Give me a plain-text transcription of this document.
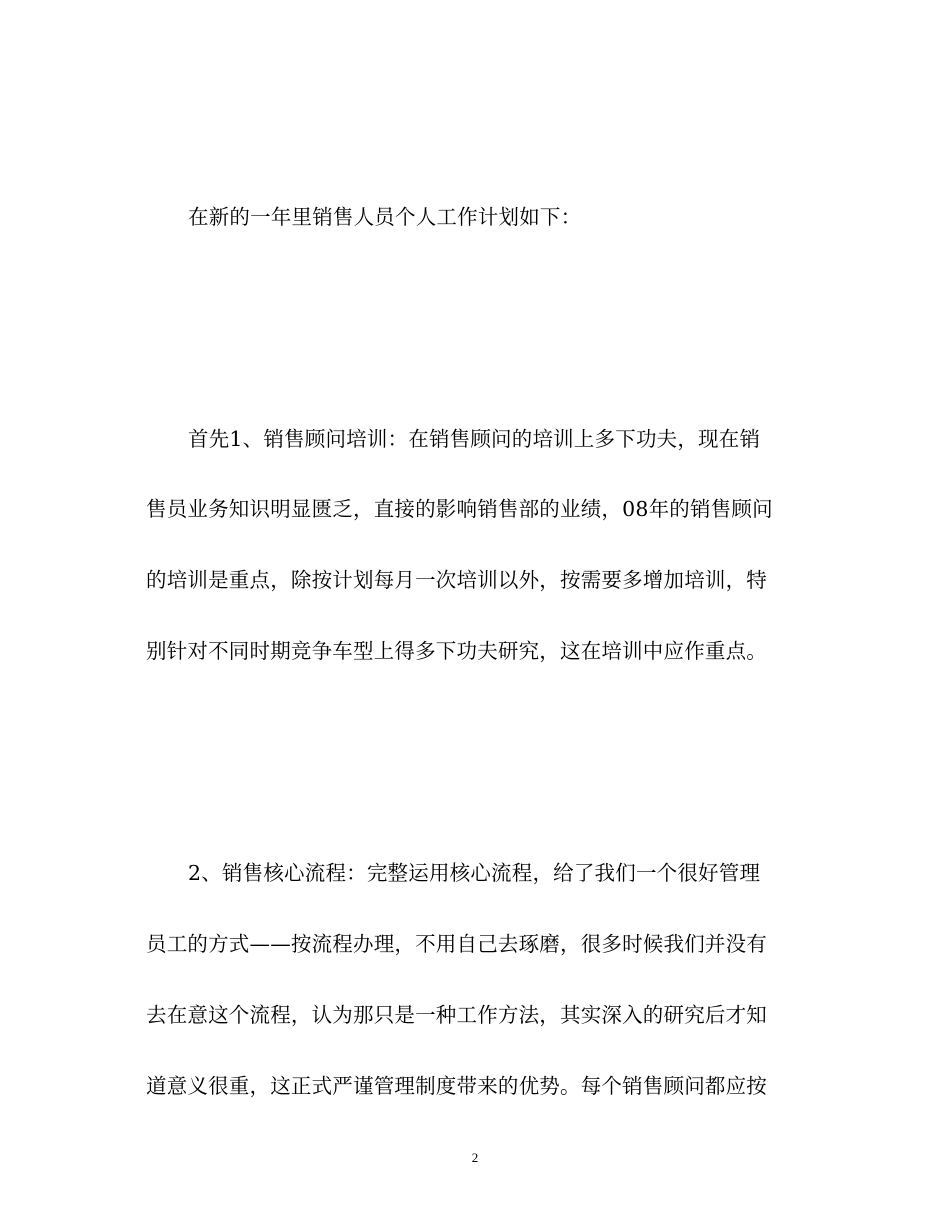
在新的一年里销售人员个人工作计划如下：
首先1、销售顾问培训：在销售顾问的培训上多下功夫，现在销
售员业务知识明显匮乏，直接的影响销售部的业绩，08年的销售顾问
的培训是重点，除按计划每月一次培训以外，按需要多增加培训，特
别针对不同时期竞争车型上得多下功夫研究，这在培训中应作重点。
2、销售核心流程：完整运用核心流程，给了我们一个很好管理
员工的方式——按流程办理，不用自己去琢磨，很多时候我们并没有
去在意这个流程，认为那只是一种工作方法，其实深入的研究后才知
道意义很重，这正式严谨管理制度带来的优势。每个销售顾问都应按
2
